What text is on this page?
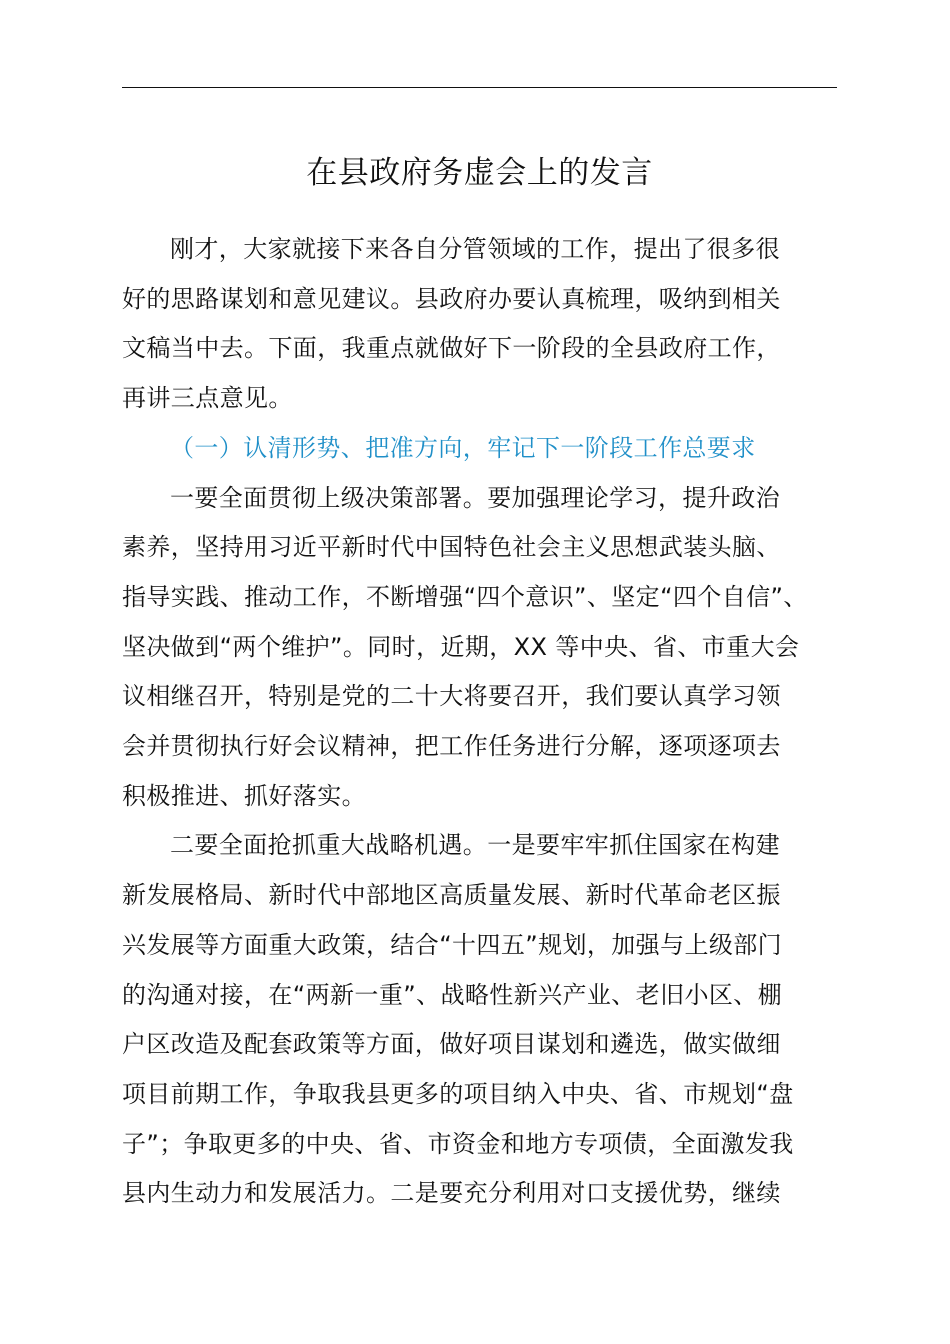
在县政府务虚会上的发言

刚才，大家就接下来各自分管领域的工作，提出了很多很
好的思路谋划和意见建议。县政府办要认真梳理，吸纳到相关
文稿当中去。下面，我重点就做好下一阶段的全县政府工作，
再讲三点意见。

（一）认清形势、把准方向，牢记下一阶段工作总要求

一要全面贯彻上级决策部署。要加强理论学习，提升政治
素养，坚持用习近平新时代中国特色社会主义思想武装头脑、
指导实践、推动工作，不断增强“四个意识”、坚定“四个自信”、
坚决做到“两个维护”。同时，近期，XX 等中央、省、市重大会
议相继召开，特别是党的二十大将要召开，我们要认真学习领
会并贯彻执行好会议精神，把工作任务进行分解，逐项逐项去
积极推进、抓好落实。

二要全面抢抓重大战略机遇。一是要牢牢抓住国家在构建
新发展格局、新时代中部地区高质量发展、新时代革命老区振
兴发展等方面重大政策，结合“十四五”规划，加强与上级部门
的沟通对接，在“两新一重”、战略性新兴产业、老旧小区、棚
户区改造及配套政策等方面，做好项目谋划和遴选，做实做细
项目前期工作，争取我县更多的项目纳入中央、省、市规划“盘
子”；争取更多的中央、省、市资金和地方专项债，全面激发我
县内生动力和发展活力。二是要充分利用对口支援优势，继续
